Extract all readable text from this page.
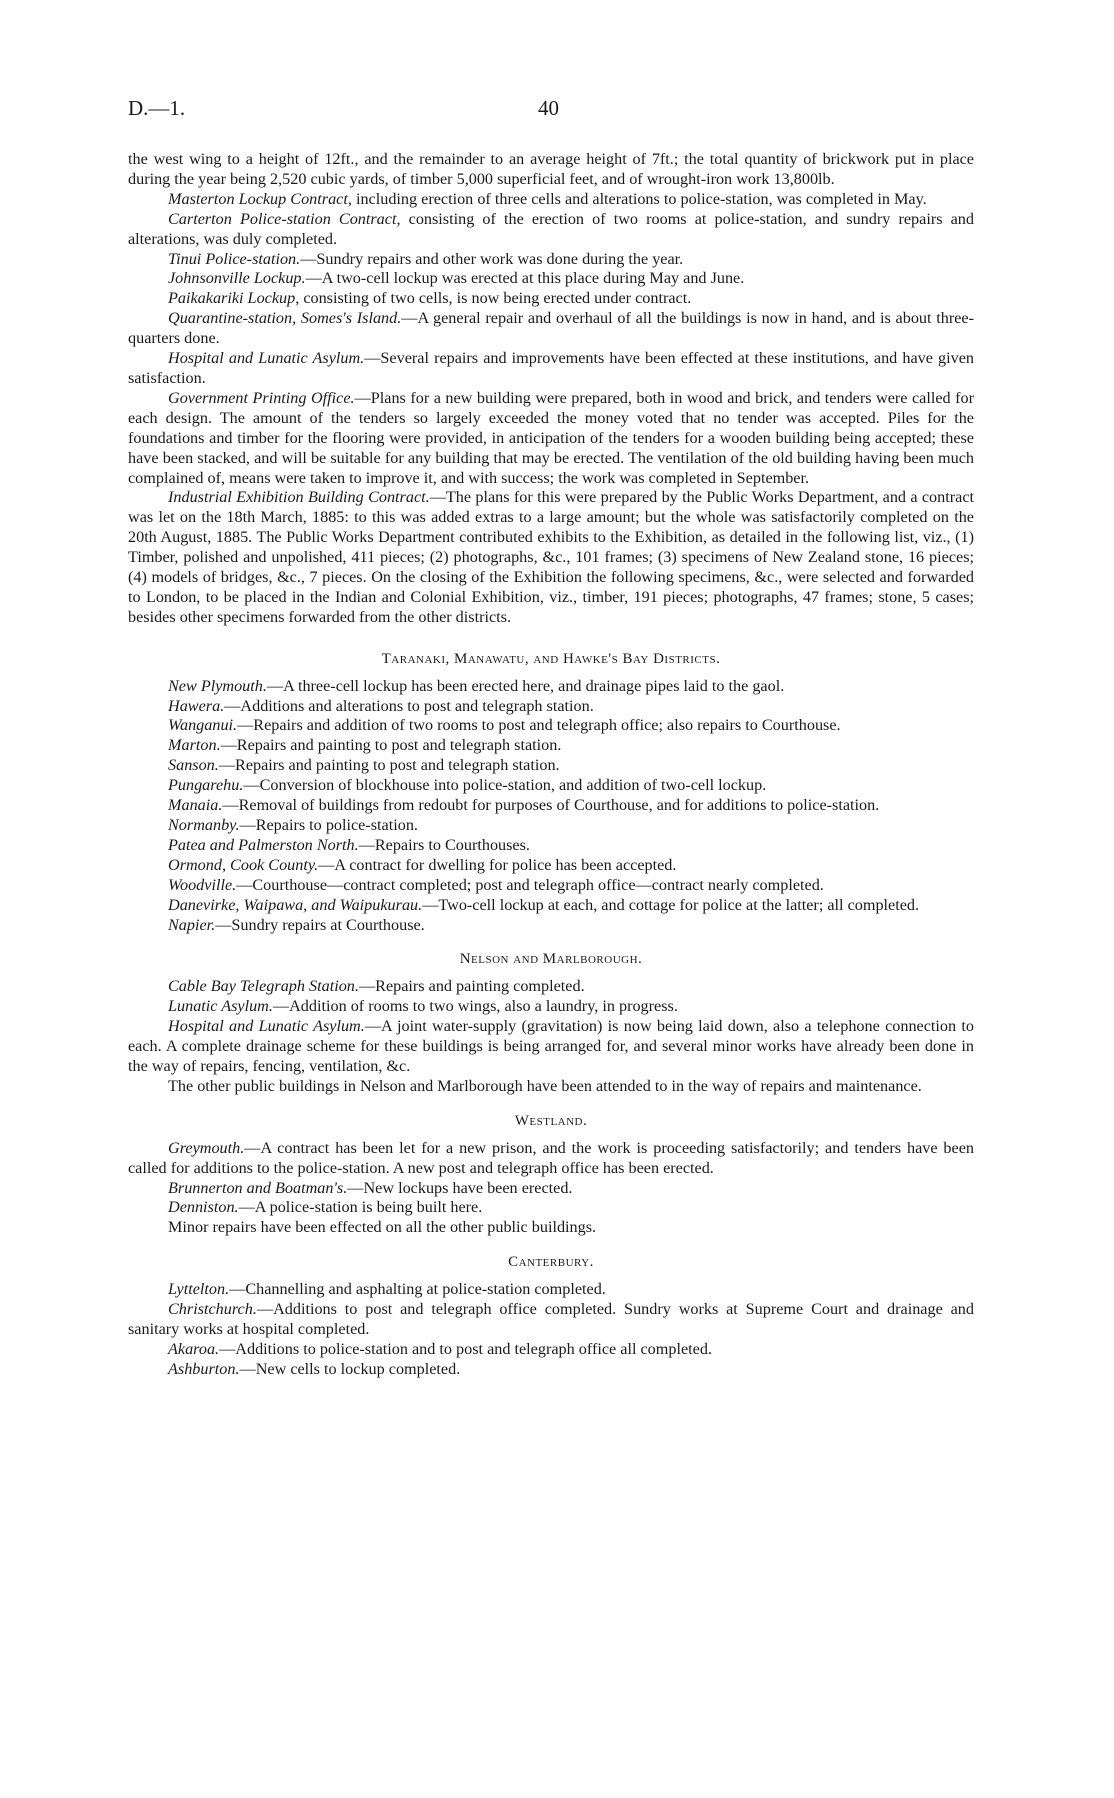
D.—1.	40

the west wing to a height of 12ft., and the remainder to an average height of 7ft.; the total quantity of brickwork put in place during the year being 2,520 cubic yards, of timber 5,000 superficial feet, and of wrought-iron work 13,800lb.

Masterton Lockup Contract, including erection of three cells and alterations to police-station, was completed in May.

Carterton Police-station Contract, consisting of the erection of two rooms at police-station, and sundry repairs and alterations, was duly completed.

Tinui Police-station.—Sundry repairs and other work was done during the year.

Johnsonville Lockup.—A two-cell lockup was erected at this place during May and June.

Paikakariki Lockup, consisting of two cells, is now being erected under contract.

Quarantine-station, Somes's Island.—A general repair and overhaul of all the buildings is now in hand, and is about three-quarters done.

Hospital and Lunatic Asylum.—Several repairs and improvements have been effected at these institutions, and have given satisfaction.

Government Printing Office.—Plans for a new building were prepared, both in wood and brick, and tenders were called for each design. The amount of the tenders so largely exceeded the money voted that no tender was accepted. Piles for the foundations and timber for the flooring were provided, in anticipation of the tenders for a wooden building being accepted; these have been stacked, and will be suitable for any building that may be erected. The ventilation of the old building having been much complained of, means were taken to improve it, and with success; the work was completed in September.

Industrial Exhibition Building Contract.—The plans for this were prepared by the Public Works Department, and a contract was let on the 18th March, 1885: to this was added extras to a large amount; but the whole was satisfactorily completed on the 20th August, 1885. The Public Works Department contributed exhibits to the Exhibition, as detailed in the following list, viz., (1) Timber, polished and unpolished, 411 pieces; (2) photographs, &c., 101 frames; (3) specimens of New Zealand stone, 16 pieces; (4) models of bridges, &c., 7 pieces. On the closing of the Exhibition the following specimens, &c., were selected and forwarded to London, to be placed in the Indian and Colonial Exhibition, viz., timber, 191 pieces; photographs, 47 frames; stone, 5 cases; besides other specimens forwarded from the other districts.

Taranaki, Manawatu, and Hawke's Bay Districts.

New Plymouth.—A three-cell lockup has been erected here, and drainage pipes laid to the gaol.

Hawera.—Additions and alterations to post and telegraph station.

Wanganui.—Repairs and addition of two rooms to post and telegraph office; also repairs to Courthouse.

Marton.—Repairs and painting to post and telegraph station.

Sanson.—Repairs and painting to post and telegraph station.

Pungarehu.—Conversion of blockhouse into police-station, and addition of two-cell lockup.

Manaia.—Removal of buildings from redoubt for purposes of Courthouse, and for additions to police-station.

Normanby.—Repairs to police-station.

Patea and Palmerston North.—Repairs to Courthouses.

Ormond, Cook County.—A contract for dwelling for police has been accepted.

Woodville.—Courthouse—contract completed; post and telegraph office—contract nearly completed.

Danevirke, Waipawa, and Waipukurau.—Two-cell lockup at each, and cottage for police at the latter; all completed.

Napier.—Sundry repairs at Courthouse.

Nelson and Marlborough.

Cable Bay Telegraph Station.—Repairs and painting completed.

Lunatic Asylum.—Addition of rooms to two wings, also a laundry, in progress.

Hospital and Lunatic Asylum.—A joint water-supply (gravitation) is now being laid down, also a telephone connection to each. A complete drainage scheme for these buildings is being arranged for, and several minor works have already been done in the way of repairs, fencing, ventilation, &c.

The other public buildings in Nelson and Marlborough have been attended to in the way of repairs and maintenance.

Westland.

Greymouth.—A contract has been let for a new prison, and the work is proceeding satisfactorily; and tenders have been called for additions to the police-station. A new post and telegraph office has been erected.

Brunnerton and Boatman's.—New lockups have been erected.

Denniston.—A police-station is being built here.

Minor repairs have been effected on all the other public buildings.

Canterbury.

Lyttelton.—Channelling and asphalting at police-station completed.

Christchurch.—Additions to post and telegraph office completed. Sundry works at Supreme Court and drainage and sanitary works at hospital completed.

Akaroa.—Additions to police-station and to post and telegraph office all completed.

Ashburton.—New cells to lockup completed.
